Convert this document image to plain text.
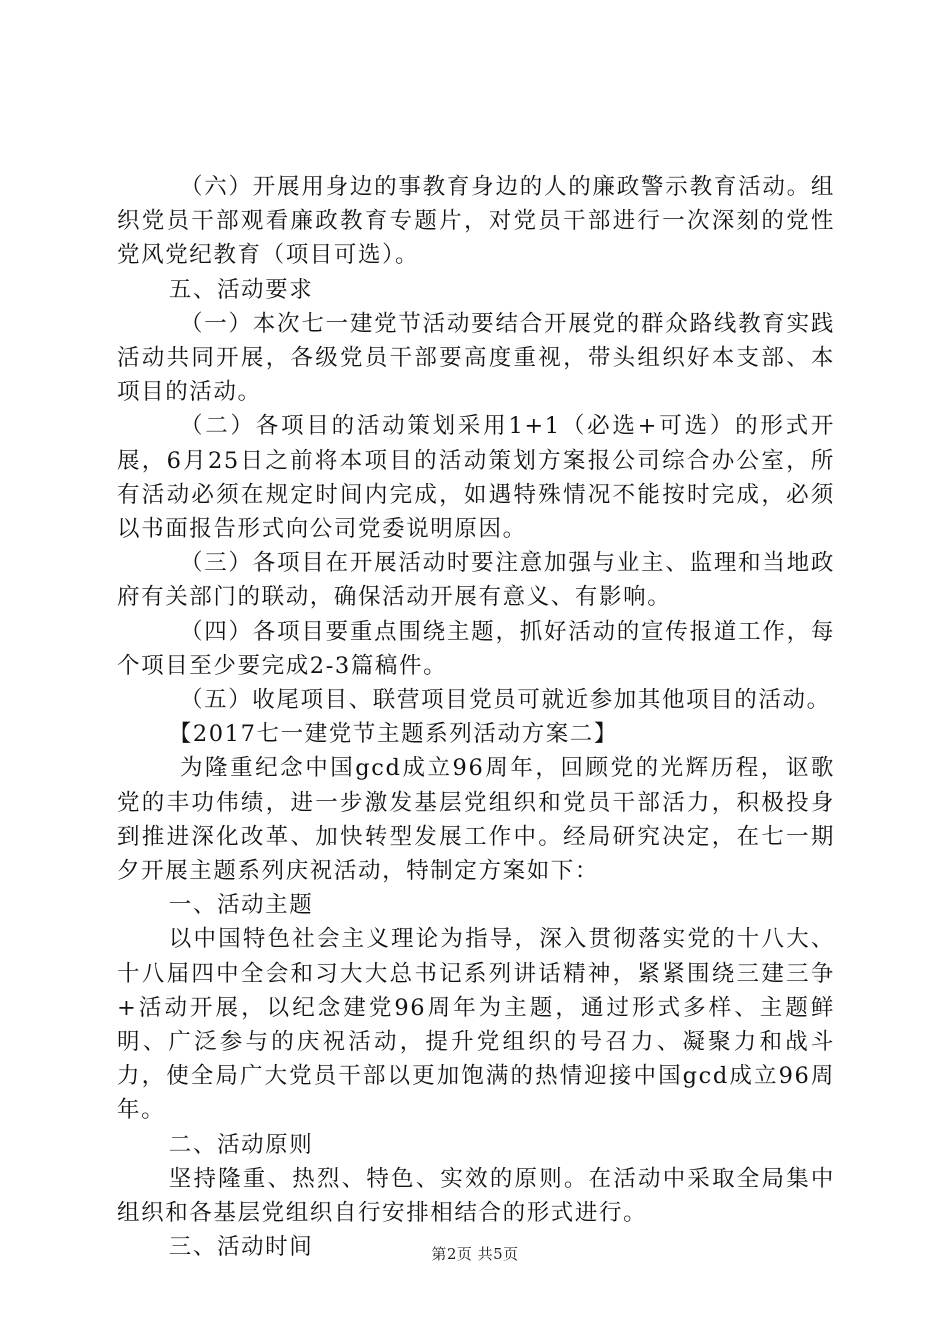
（六）开展用身边的事教育身边的人的廉政警示教育活动。组织党员干部观看廉政教育专题片，对党员干部进行一次深刻的党性党风党纪教育（项目可选）。

五、活动要求

（一）本次七一建党节活动要结合开展党的群众路线教育实践活动共同开展，各级党员干部要高度重视，带头组织好本支部、本项目的活动。

（二）各项目的活动策划采用1+1（必选+可选）的形式开展，6月25日之前将本项目的活动策划方案报公司综合办公室，所有活动必须在规定时间内完成，如遇特殊情况不能按时完成，必须以书面报告形式向公司党委说明原因。

（三）各项目在开展活动时要注意加强与业主、监理和当地政府有关部门的联动，确保活动开展有意义、有影响。

（四）各项目要重点围绕主题，抓好活动的宣传报道工作，每个项目至少要完成2-3篇稿件。

（五）收尾项目、联营项目党员可就近参加其他项目的活动。

【2017七一建党节主题系列活动方案二】

为隆重纪念中国gcd成立96周年，回顾党的光辉历程，讴歌党的丰功伟绩，进一步激发基层党组织和党员干部活力，积极投身到推进深化改革、加快转型发展工作中。经局研究决定，在七一期夕开展主题系列庆祝活动，特制定方案如下：

一、活动主题

以中国特色社会主义理论为指导，深入贯彻落实党的十八大、十八届四中全会和习大大总书记系列讲话精神，紧紧围绕三建三争+活动开展，以纪念建党96周年为主题，通过形式多样、主题鲜明、广泛参与的庆祝活动，提升党组织的号召力、凝聚力和战斗力，使全局广大党员干部以更加饱满的热情迎接中国gcd成立96周年。

二、活动原则

坚持隆重、热烈、特色、实效的原则。在活动中采取全局集中组织和各基层党组织自行安排相结合的形式进行。

三、活动时间	第2页 共5页
